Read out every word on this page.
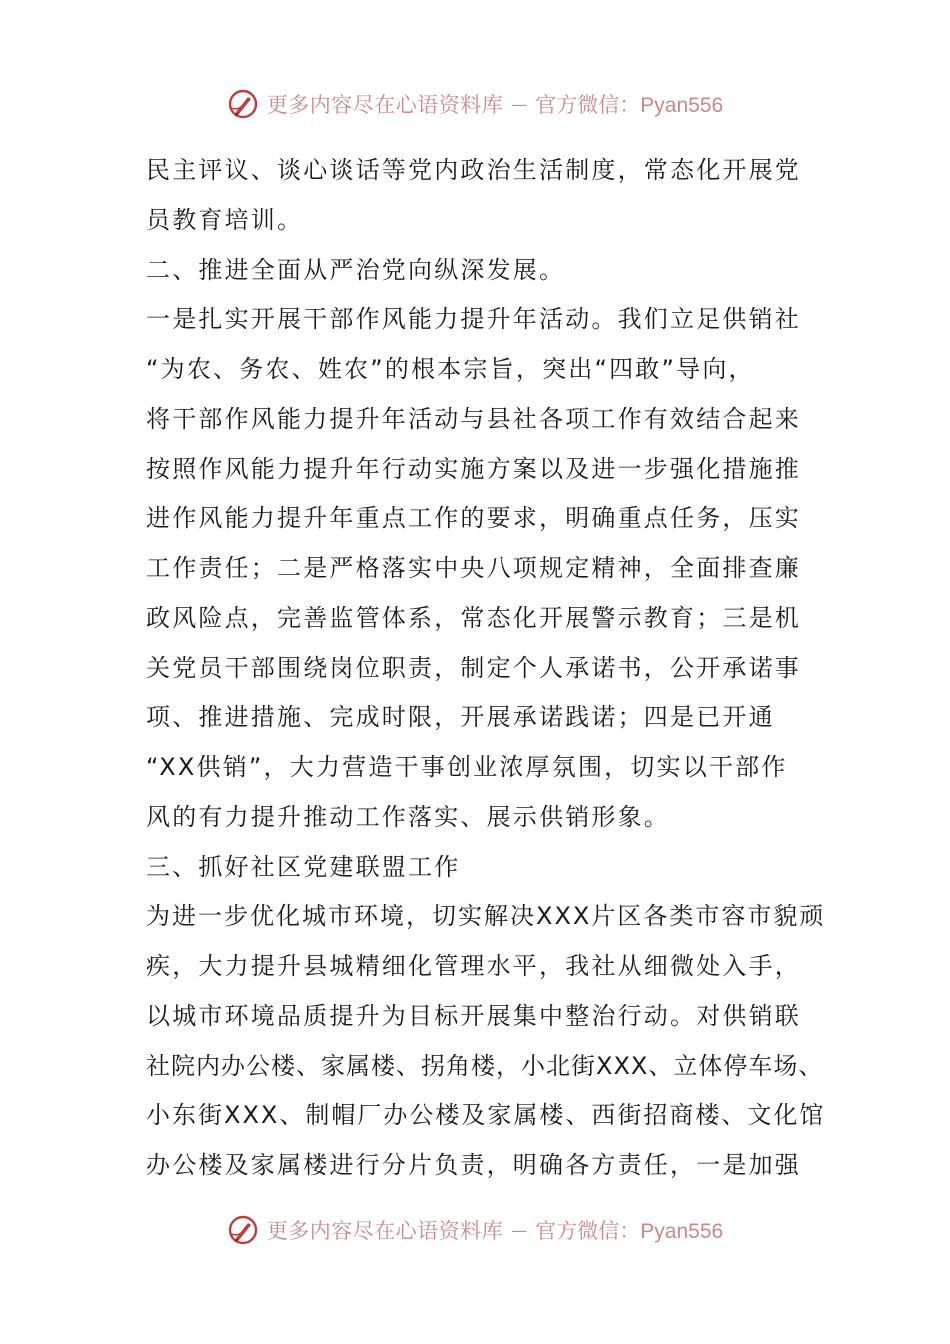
更多内容尽在心语资料库 — 官方微信：Pyan556
民主评议、谈心谈话等党内政治生活制度，常态化开展党
员教育培训。
二、推进全面从严治党向纵深发展。
一是扎实开展干部作风能力提升年活动。我们立足供销社
“为农、务农、姓农”的根本宗旨，突出“四敢”导向，
将干部作风能力提升年活动与县社各项工作有效结合起来
按照作风能力提升年行动实施方案以及进一步强化措施推
进作风能力提升年重点工作的要求，明确重点任务，压实
工作责任；二是严格落实中央八项规定精神，全面排查廉
政风险点，完善监管体系，常态化开展警示教育；三是机
关党员干部围绕岗位职责，制定个人承诺书，公开承诺事
项、推进措施、完成时限，开展承诺践诺；四是已开通
“XX供销”，大力营造干事创业浓厚氛围，切实以干部作
风的有力提升推动工作落实、展示供销形象。
三、抓好社区党建联盟工作
为进一步优化城市环境，切实解决XXX片区各类市容市貌顽
疾，大力提升县城精细化管理水平，我社从细微处入手，
以城市环境品质提升为目标开展集中整治行动。对供销联
社院内办公楼、家属楼、拐角楼，小北街XXX、立体停车场、
小东街XXX、制帽厂办公楼及家属楼、西街招商楼、文化馆
办公楼及家属楼进行分片负责，明确各方责任，一是加强
更多内容尽在心语资料库 — 官方微信：Pyan556
